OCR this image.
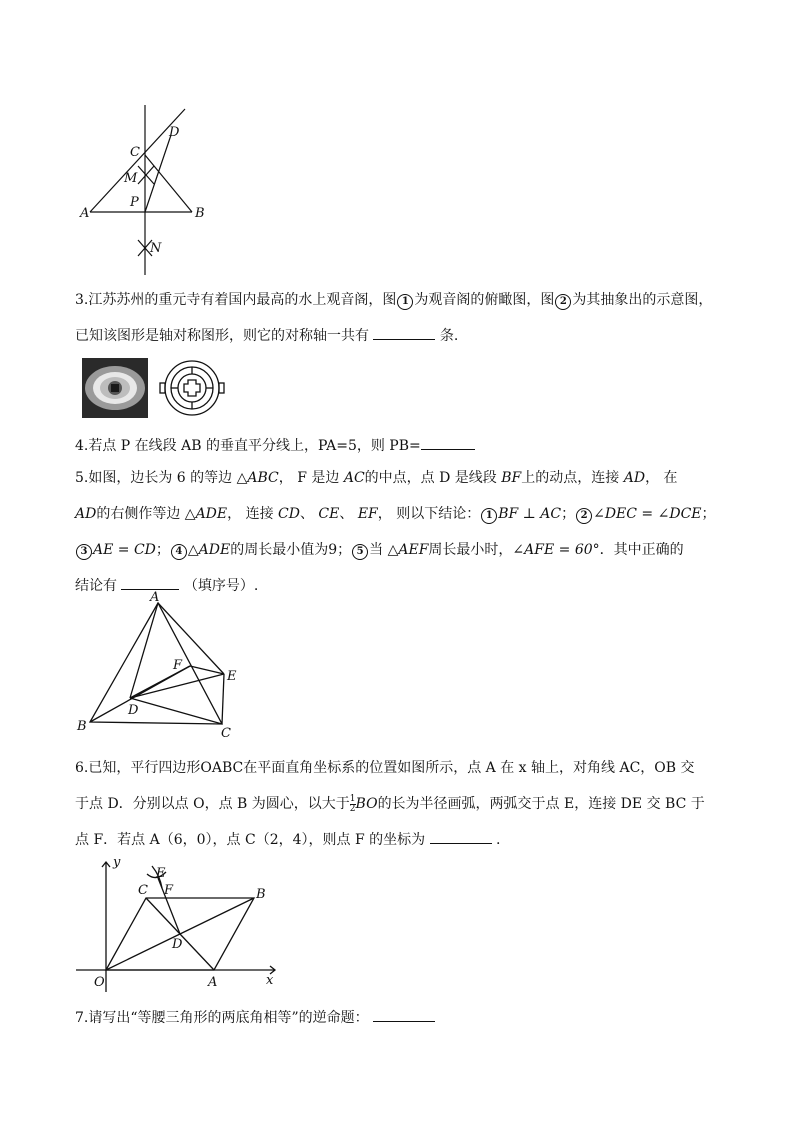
A	B
C
D
M
P
N
3.江苏苏州的重元寺有着国内最高的水上观音阁，图 1 为观音阁的俯瞰图，图 2 为其抽象出的示意图，
已知该图形是轴对称图形，则它的对称轴一共有	条.
4.若点 P 在线段 AB 的垂直平分线上，PA=5，则 PB=
5.如图，边长为 6 的等边 △ABC， F 是边 AC的中点，点 D 是线段 BF上的动点，连接 AD， 在
AD的右侧作等边 △ADE， 连接 CD、 CE、 EF， 则以下结论： 1 BF ⊥ AC； 2 ∠DEC = ∠DCE；
3 AE = CD； 4 △ADE的周长最小值为9； 5 当 △AEF周长最小时，∠AFE = 60°．其中正确的
结论有	（填序号）.
A
F
E
D
B	C
6.已知，平行四边形OABC在平面直角坐标系的位置如图所示，点 A 在 x 轴上，对角线 AC，OB 交
于点 D．分别以点 O，点 B 为圆心，以大于 $\frac{1}{2}$ BO的长为半径画弧，两弧交于点 E，连接 DE 交 BC 于
点 F．若点 A（6，0），点 C（2，4），则点 F 的坐标为	.
y
x
O	A
B
C
D
E
F
7.请写出“等腰三角形的两底角相等”的逆命题：
